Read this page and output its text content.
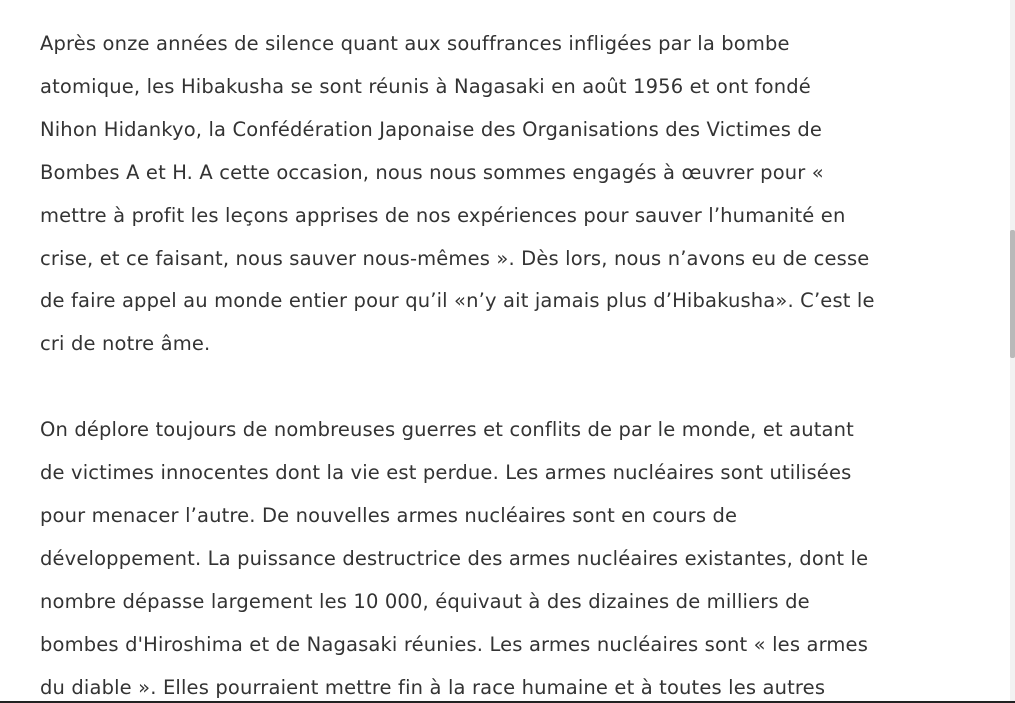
Après onze années de silence quant aux souffrances infligées par la bombe
atomique, les Hibakusha se sont réunis à Nagasaki en août 1956 et ont fondé
Nihon Hidankyo, la Confédération Japonaise des Organisations des Victimes de
Bombes A et H. A cette occasion, nous nous sommes engagés à œuvrer pour «
mettre à profit les leçons apprises de nos expériences pour sauver l’humanité en
crise, et ce faisant, nous sauver nous-mêmes ». Dès lors, nous n’avons eu de cesse
de faire appel au monde entier pour qu’il «n’y ait jamais plus d’Hibakusha». C’est le
cri de notre âme.

On déplore toujours de nombreuses guerres et conflits de par le monde, et autant
de victimes innocentes dont la vie est perdue. Les armes nucléaires sont utilisées
pour menacer l’autre. De nouvelles armes nucléaires sont en cours de
développement. La puissance destructrice des armes nucléaires existantes, dont le
nombre dépasse largement les 10 000, équivaut à des dizaines de milliers de
bombes d'Hiroshima et de Nagasaki réunies. Les armes nucléaires sont « les armes
du diable ». Elles pourraient mettre fin à la race humaine et à toutes les autres
